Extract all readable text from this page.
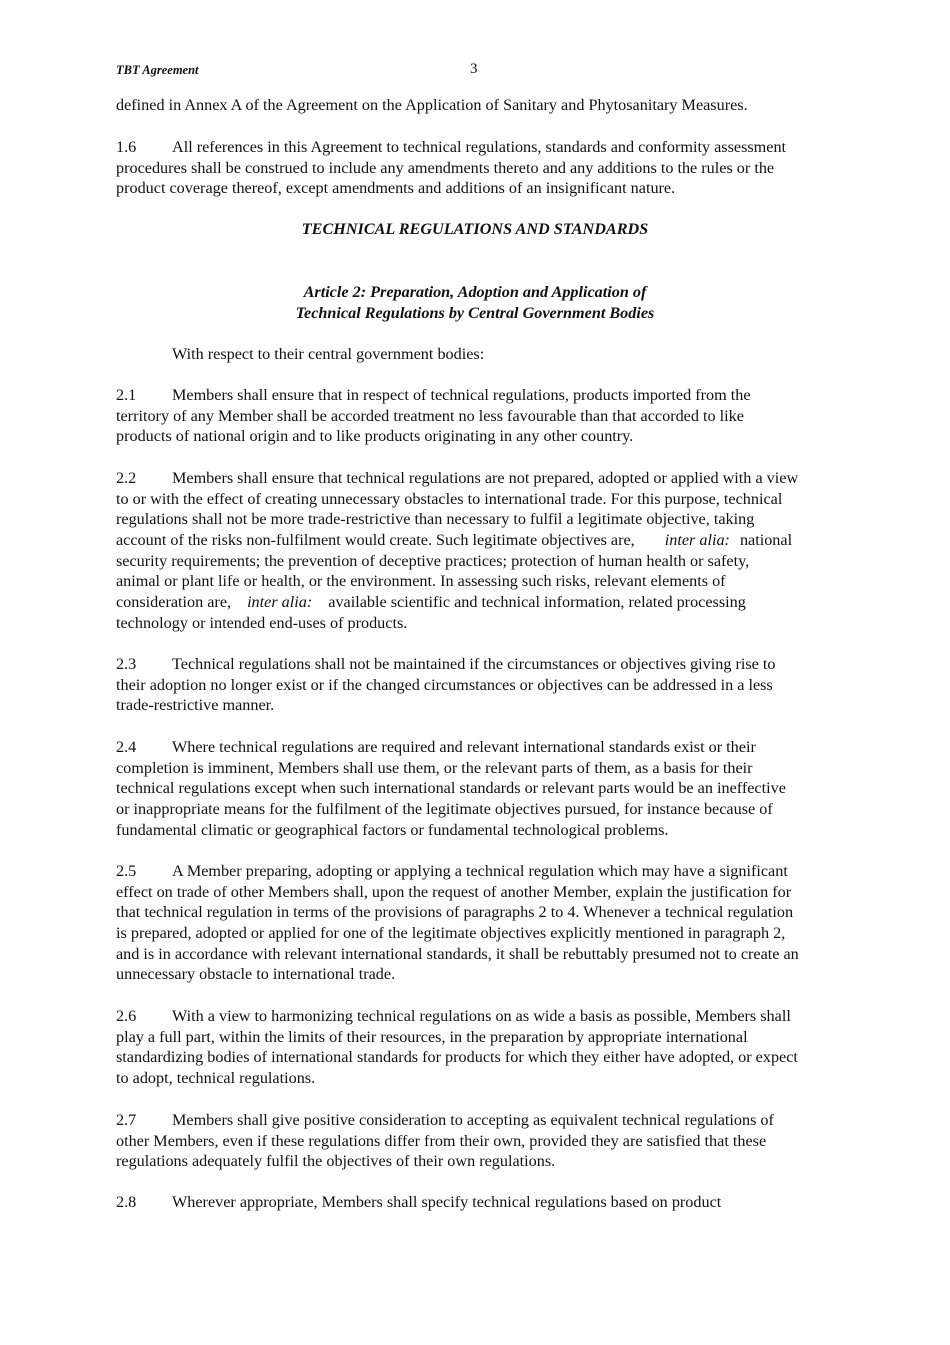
TBT Agreement	3
defined in Annex A of the Agreement on the Application of Sanitary and Phytosanitary Measures.
1.6 All references in this Agreement to technical regulations, standards and conformity assessment
procedures shall be construed to include any amendments thereto and any additions to the rules or the
product coverage thereof, except amendments and additions of an insignificant nature.
TECHNICAL REGULATIONS AND STANDARDS
Article 2: Preparation, Adoption and Application of
Technical Regulations by Central Government Bodies
With respect to their central government bodies:
2.1 Members shall ensure that in respect of technical regulations, products imported from the
territory of any Member shall be accorded treatment no less favourable than that accorded to like
products of national origin and to like products originating in any other country.
2.2 Members shall ensure that technical regulations are not prepared, adopted or applied with a view
to or with the effect of creating unnecessary obstacles to international trade. For this purpose, technical
regulations shall not be more trade-restrictive than necessary to fulfil a legitimate objective, taking
account of the risks non-fulfilment would create. Such legitimate objectives are, inter alia: national
security requirements; the prevention of deceptive practices; protection of human health or safety,
animal or plant life or health, or the environment. In assessing such risks, relevant elements of
consideration are, inter alia: available scientific and technical information, related processing
technology or intended end-uses of products.
2.3 Technical regulations shall not be maintained if the circumstances or objectives giving rise to
their adoption no longer exist or if the changed circumstances or objectives can be addressed in a less
trade-restrictive manner.
2.4 Where technical regulations are required and relevant international standards exist or their
completion is imminent, Members shall use them, or the relevant parts of them, as a basis for their
technical regulations except when such international standards or relevant parts would be an ineffective
or inappropriate means for the fulfilment of the legitimate objectives pursued, for instance because of
fundamental climatic or geographical factors or fundamental technological problems.
2.5 A Member preparing, adopting or applying a technical regulation which may have a significant
effect on trade of other Members shall, upon the request of another Member, explain the justification for
that technical regulation in terms of the provisions of paragraphs 2 to 4. Whenever a technical regulation
is prepared, adopted or applied for one of the legitimate objectives explicitly mentioned in paragraph 2,
and is in accordance with relevant international standards, it shall be rebuttably presumed not to create an
unnecessary obstacle to international trade.
2.6 With a view to harmonizing technical regulations on as wide a basis as possible, Members shall
play a full part, within the limits of their resources, in the preparation by appropriate international
standardizing bodies of international standards for products for which they either have adopted, or expect
to adopt, technical regulations.
2.7 Members shall give positive consideration to accepting as equivalent technical regulations of
other Members, even if these regulations differ from their own, provided they are satisfied that these
regulations adequately fulfil the objectives of their own regulations.
2.8 Wherever appropriate, Members shall specify technical regulations based on product
